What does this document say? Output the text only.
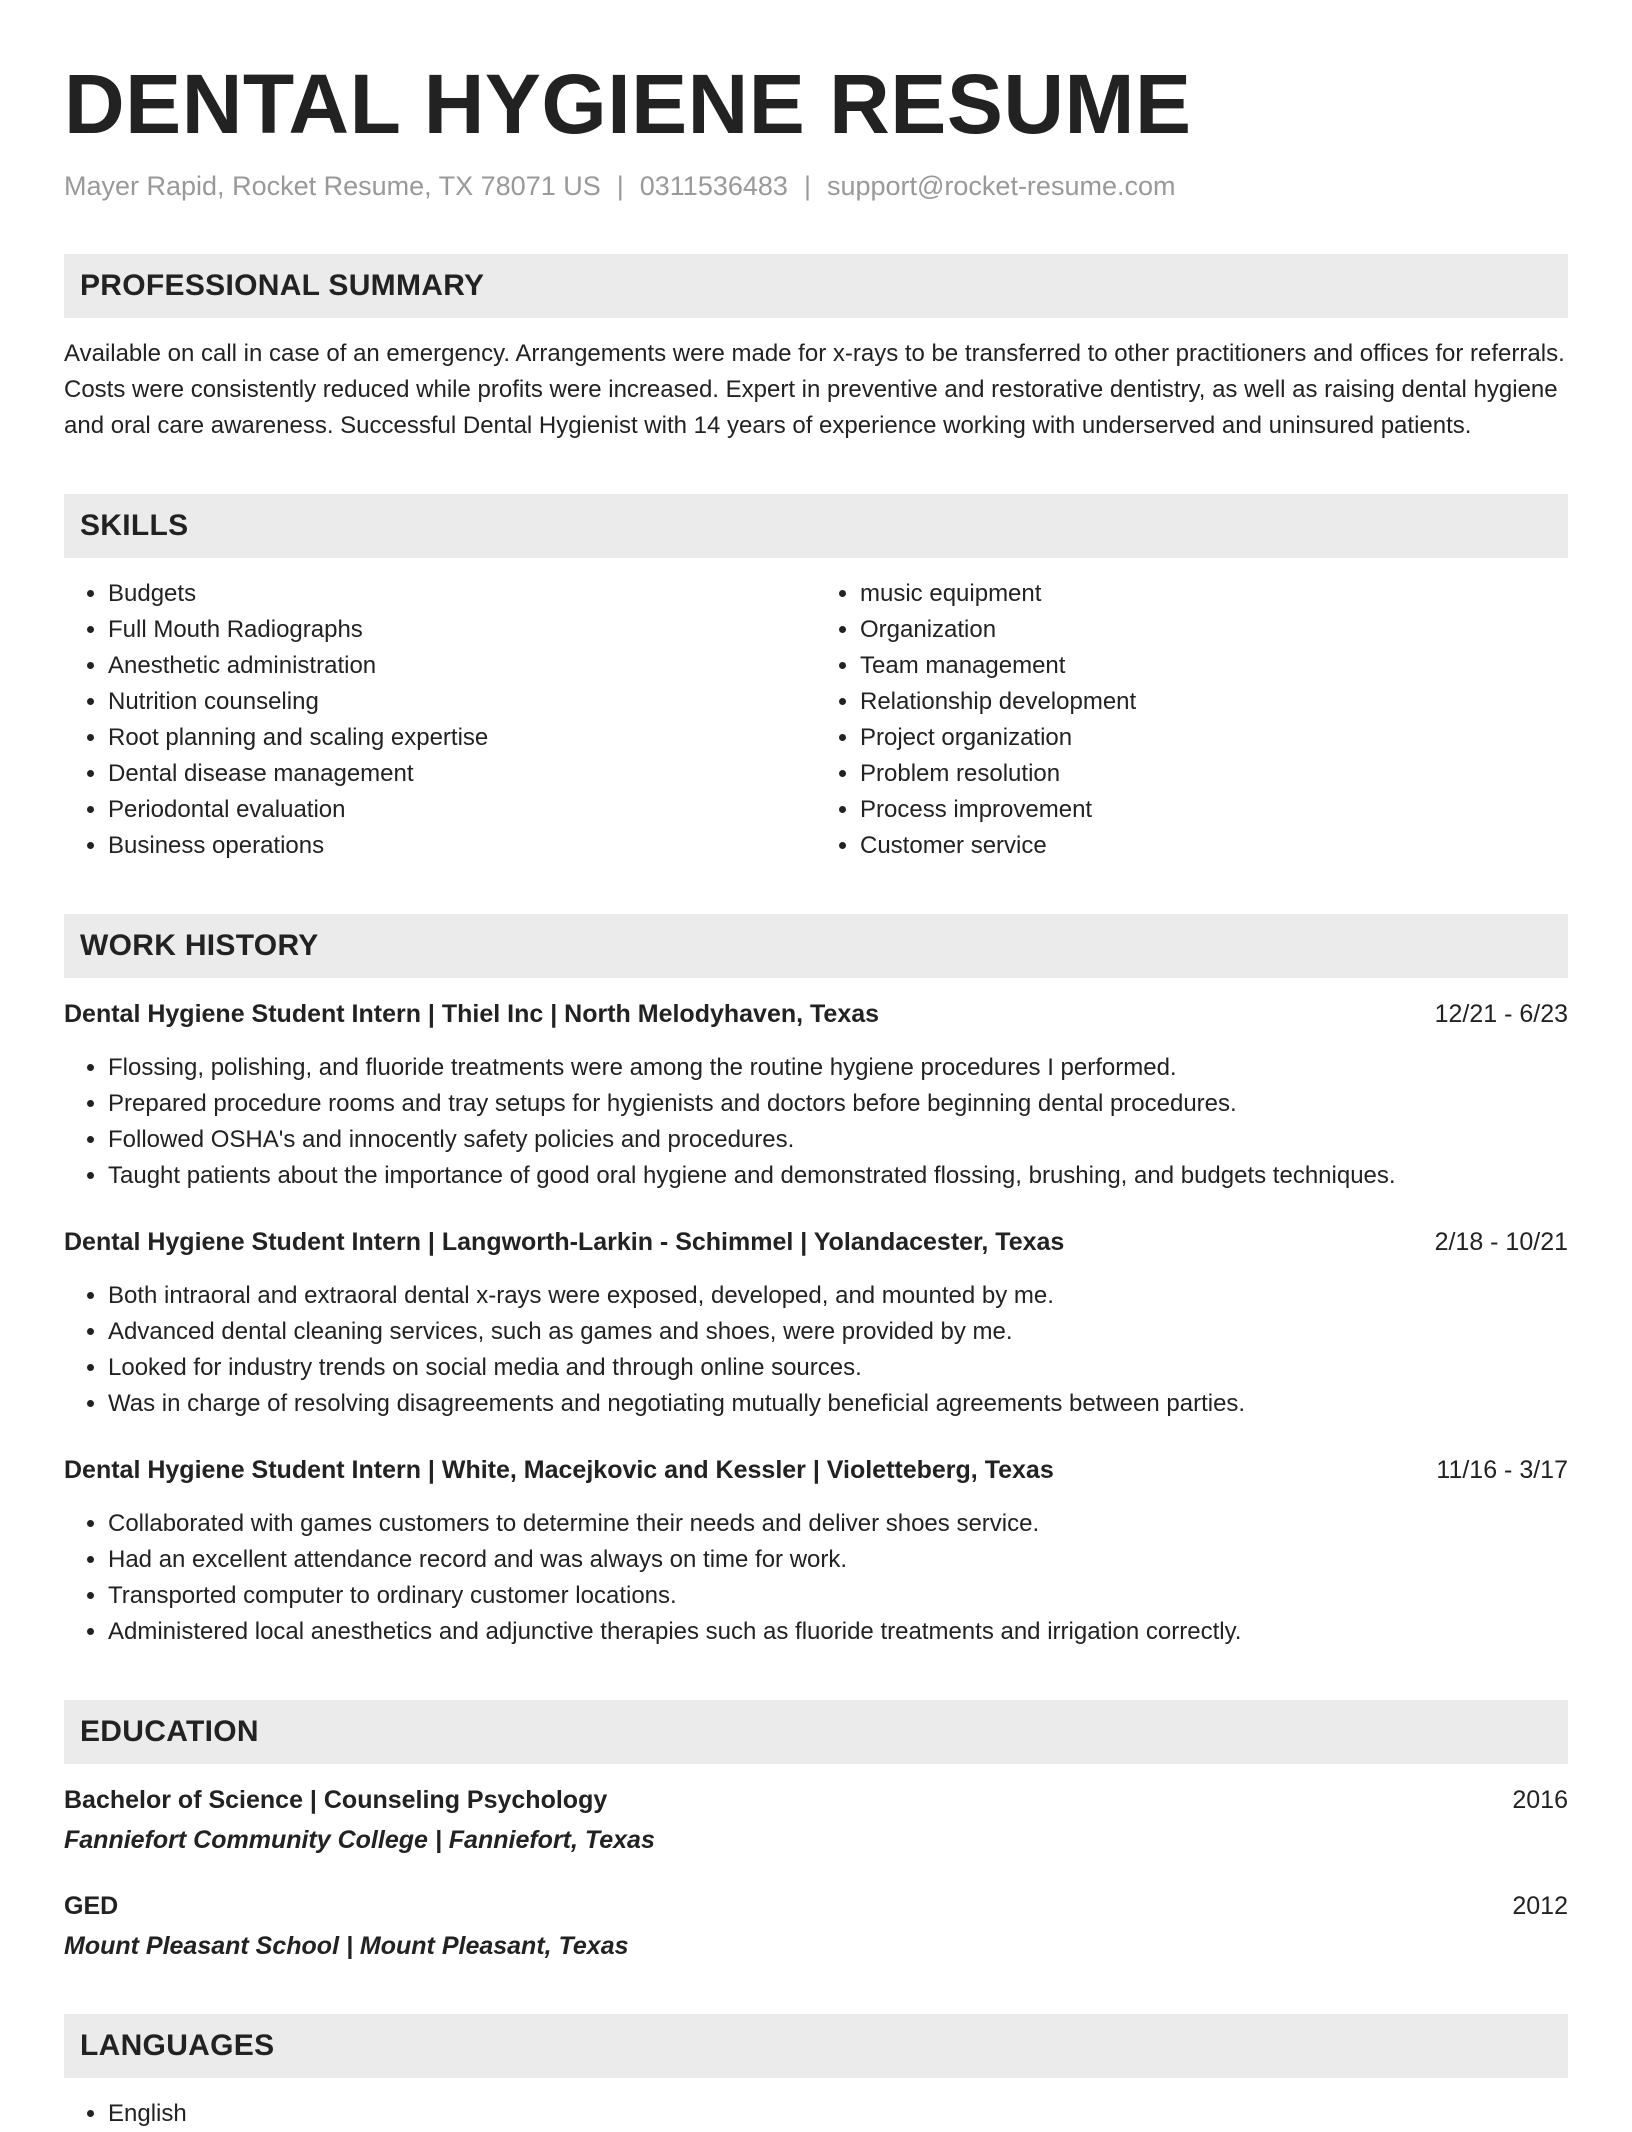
DENTAL HYGIENE RESUME
Mayer Rapid, Rocket Resume, TX 78071 US | 0311536483 | support@rocket-resume.com
PROFESSIONAL SUMMARY
Available on call in case of an emergency. Arrangements were made for x-rays to be transferred to other practitioners and offices for referrals. Costs were consistently reduced while profits were increased. Expert in preventive and restorative dentistry, as well as raising dental hygiene and oral care awareness. Successful Dental Hygienist with 14 years of experience working with underserved and uninsured patients.
SKILLS
• Budgets
• Full Mouth Radiographs
• Anesthetic administration
• Nutrition counseling
• Root planning and scaling expertise
• Dental disease management
• Periodontal evaluation
• Business operations
• music equipment
• Organization
• Team management
• Relationship development
• Project organization
• Problem resolution
• Process improvement
• Customer service
WORK HISTORY
Dental Hygiene Student Intern | Thiel Inc | North Melodyhaven, Texas	12/21 - 6/23
• Flossing, polishing, and fluoride treatments were among the routine hygiene procedures I performed.
• Prepared procedure rooms and tray setups for hygienists and doctors before beginning dental procedures.
• Followed OSHA's and innocently safety policies and procedures.
• Taught patients about the importance of good oral hygiene and demonstrated flossing, brushing, and budgets techniques.
Dental Hygiene Student Intern | Langworth-Larkin - Schimmel | Yolandacester, Texas	2/18 - 10/21
• Both intraoral and extraoral dental x-rays were exposed, developed, and mounted by me.
• Advanced dental cleaning services, such as games and shoes, were provided by me.
• Looked for industry trends on social media and through online sources.
• Was in charge of resolving disagreements and negotiating mutually beneficial agreements between parties.
Dental Hygiene Student Intern | White, Macejkovic and Kessler | Violetteberg, Texas	11/16 - 3/17
• Collaborated with games customers to determine their needs and deliver shoes service.
• Had an excellent attendance record and was always on time for work.
• Transported computer to ordinary customer locations.
• Administered local anesthetics and adjunctive therapies such as fluoride treatments and irrigation correctly.
EDUCATION
Bachelor of Science | Counseling Psychology	2016
Fanniefort Community College | Fanniefort, Texas
GED	2012
Mount Pleasant School | Mount Pleasant, Texas
LANGUAGES
• English
